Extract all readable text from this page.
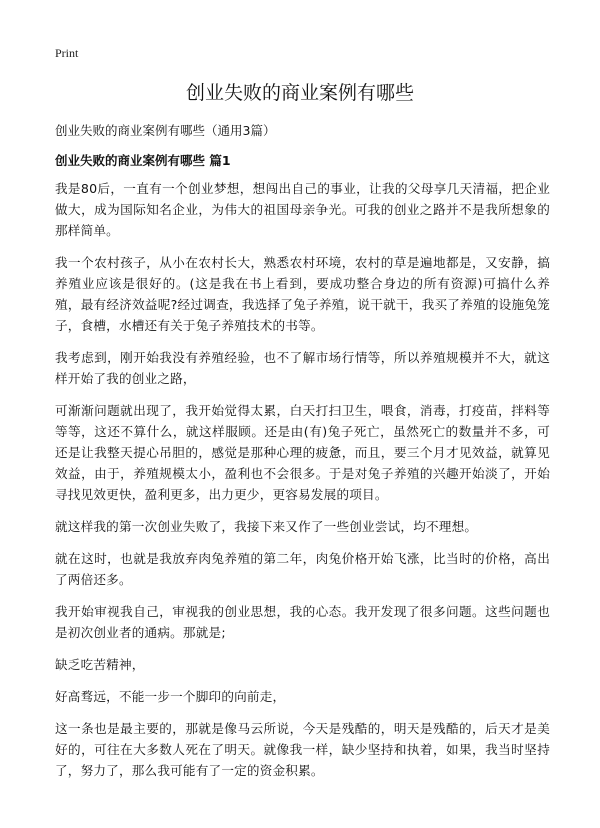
Print
创业失败的商业案例有哪些
创业失败的商业案例有哪些（通用3篇）
创业失败的商业案例有哪些 篇1

我是80后，一直有一个创业梦想，想闯出自己的事业，让我的父母享几天清福，把企业做大，成为国际知名企业，为伟大的祖国母亲争光。可我的创业之路并不是我所想象的那样简单。

我一个农村孩子，从小在农村长大，熟悉农村环境，农村的草是遍地都是，又安静，搞养殖业应该是很好的。(这是我在书上看到，要成功整合身边的所有资源)可搞什么养殖，最有经济效益呢?经过调查，我选择了兔子养殖，说干就干，我买了养殖的设施兔笼子，食槽，水槽还有关于兔子养殖技术的书等。

我考虑到，刚开始我没有养殖经验，也不了解市场行情等，所以养殖规模并不大，就这样开始了我的创业之路，

可渐渐问题就出现了，我开始觉得太累，白天打扫卫生，喂食，消毒，打疫苗，拌料等等等，这还不算什么，就这样服顾。还是由(有)兔子死亡，虽然死亡的数量并不多，可还是让我整天提心吊胆的，感觉是那种心理的疲惫，而且，要三个月才见效益，就算见效益，由于，养殖规模太小，盈利也不会很多。于是对兔子养殖的兴趣开始淡了，开始寻找见效更快，盈利更多，出力更少，更容易发展的项目。

就这样我的第一次创业失败了，我接下来又作了一些创业尝试，均不理想。

就在这时，也就是我放弃肉兔养殖的第二年，肉兔价格开始飞涨，比当时的价格，高出了两倍还多。

我开始审视我自己，审视我的创业思想，我的心态。我开发现了很多问题。这些问题也是初次创业者的通病。那就是;

缺乏吃苦精神，

好高骛远，不能一步一个脚印的向前走，

这一条也是最主要的，那就是像马云所说，今天是残酷的，明天是残酷的，后天才是美好的，可往在大多数人死在了明天。就像我一样，缺少坚持和执着，如果，我当时坚持了，努力了，那么我可能有了一定的资金积累。
